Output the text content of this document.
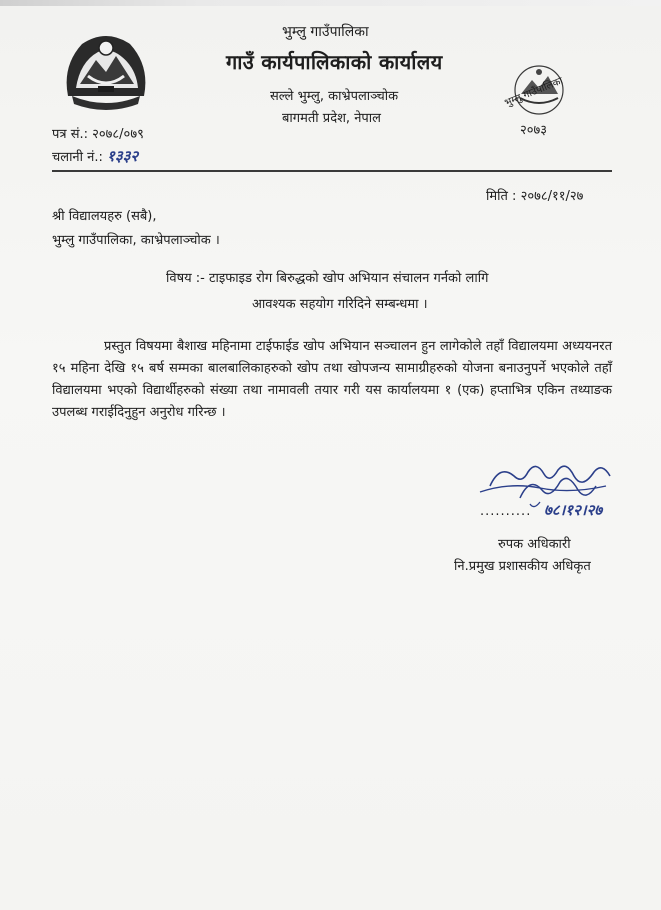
भुम्लु गाउँपालिका
गाउँ कार्यपालिकाको कार्यालय
सल्ले भुम्लु, काभ्रेपलाञ्चोक
बागमती प्रदेश, नेपाल
भुम्लु गाउँपालिका
२०७३
पत्र सं.: २०७८/०७९
चलानी नं.: १३३२
मिति : २०७८/११/२७
श्री विद्यालयहरु (सबै),
भुम्लु गाउँपालिका, काभ्रेपलाञ्चोक ।
विषय :- टाइफाइड रोग बिरुद्धको खोप अभियान संचालन गर्नको लागि
आवश्यक सहयोग गरिदिने सम्बन्धमा ।
प्रस्तुत विषयमा बैशाख महिनामा टाईफाईड खोप अभियान सञ्चालन हुन लागेकोले तहाँ विद्यालयमा अध्ययनरत १५ महिना देखि १५ बर्ष सम्मका बालबालिकाहरुको खोप तथा खोपजन्य सामाग्रीहरुको योजना बनाउनुपर्ने भएकोले तहाँ विद्यालयमा भएको विद्यार्थीहरुको संख्या तथा नामावली तयार गरी यस कार्यालयमा १ (एक) हप्ताभित्र एकिन तथ्याङक उपलब्ध गराईदिनुहुन अनुरोध गरिन्छ ।
.......... ७८।१२।२७
रुपक अधिकारी
नि.प्रमुख प्रशासकीय अधिकृत
